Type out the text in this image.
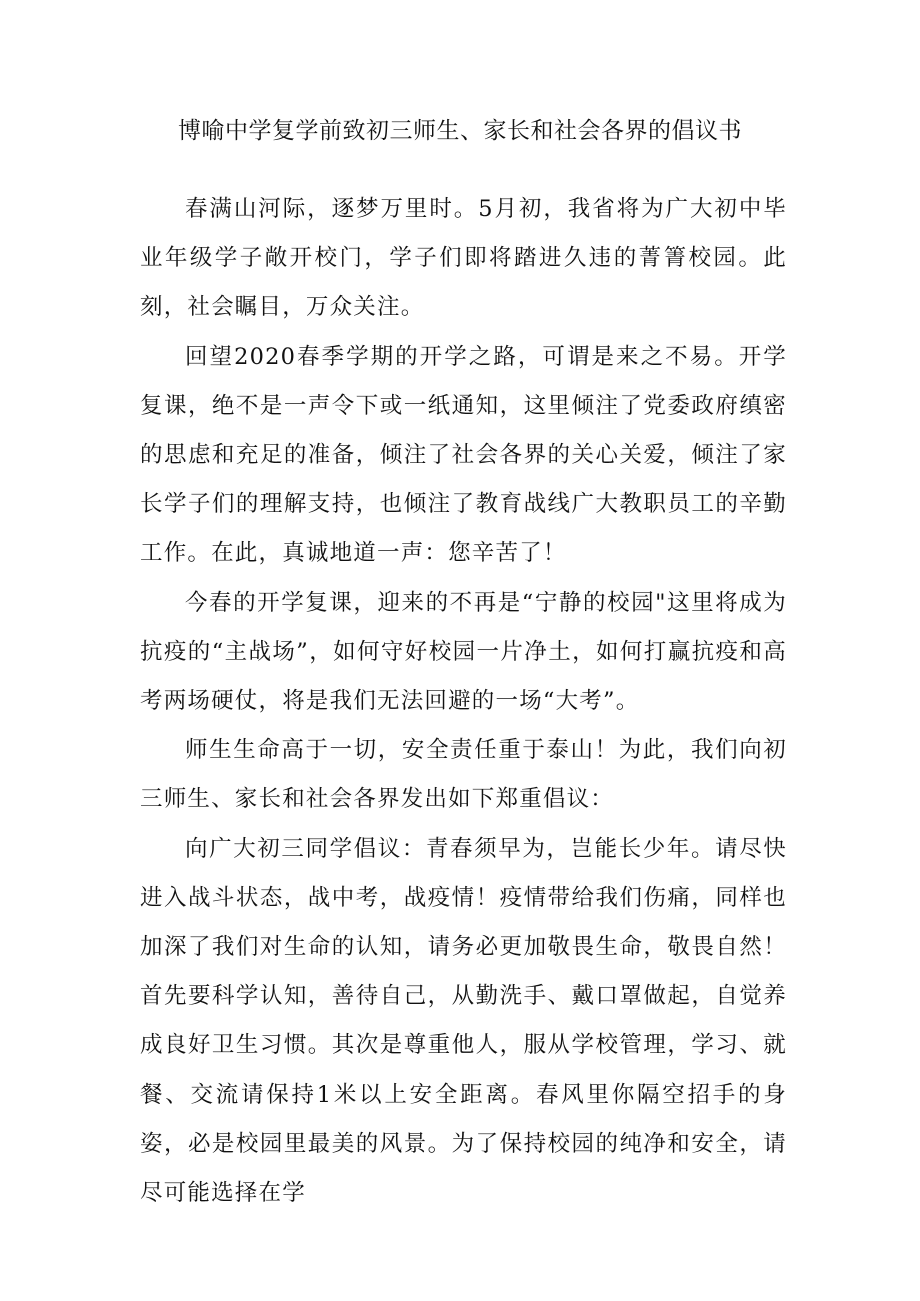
博喻中学复学前致初三师生、家长和社会各界的倡议书

春满山河际，逐梦万里时。5月初，我省将为广大初中毕业年级学子敞开校门，学子们即将踏进久违的菁箐校园。此刻，社会瞩目，万众关注。

回望2020春季学期的开学之路，可谓是来之不易。开学复课，绝不是一声令下或一纸通知，这里倾注了党委政府缜密的思虑和充足的准备，倾注了社会各界的关心关爱，倾注了家长学子们的理解支持，也倾注了教育战线广大教职员工的辛勤工作。在此，真诚地道一声：您辛苦了！

今春的开学复课，迎来的不再是“宁静的校园"这里将成为抗疫的“主战场”，如何守好校园一片净土，如何打赢抗疫和高考两场硬仗，将是我们无法回避的一场“大考”。

师生生命高于一切，安全责任重于泰山！为此，我们向初三师生、家长和社会各界发出如下郑重倡议：

向广大初三同学倡议：青春须早为，岂能长少年。请尽快进入战斗状态，战中考，战疫情！疫情带给我们伤痛，同样也加深了我们对生命的认知，请务必更加敬畏生命，敬畏自然！首先要科学认知，善待自己，从勤洗手、戴口罩做起，自觉养成良好卫生习惯。其次是尊重他人，服从学校管理，学习、就餐、交流请保持1米以上安全距离。春风里你隔空招手的身姿，必是校园里最美的风景。为了保持校园的纯净和安全，请尽可能选择在学
